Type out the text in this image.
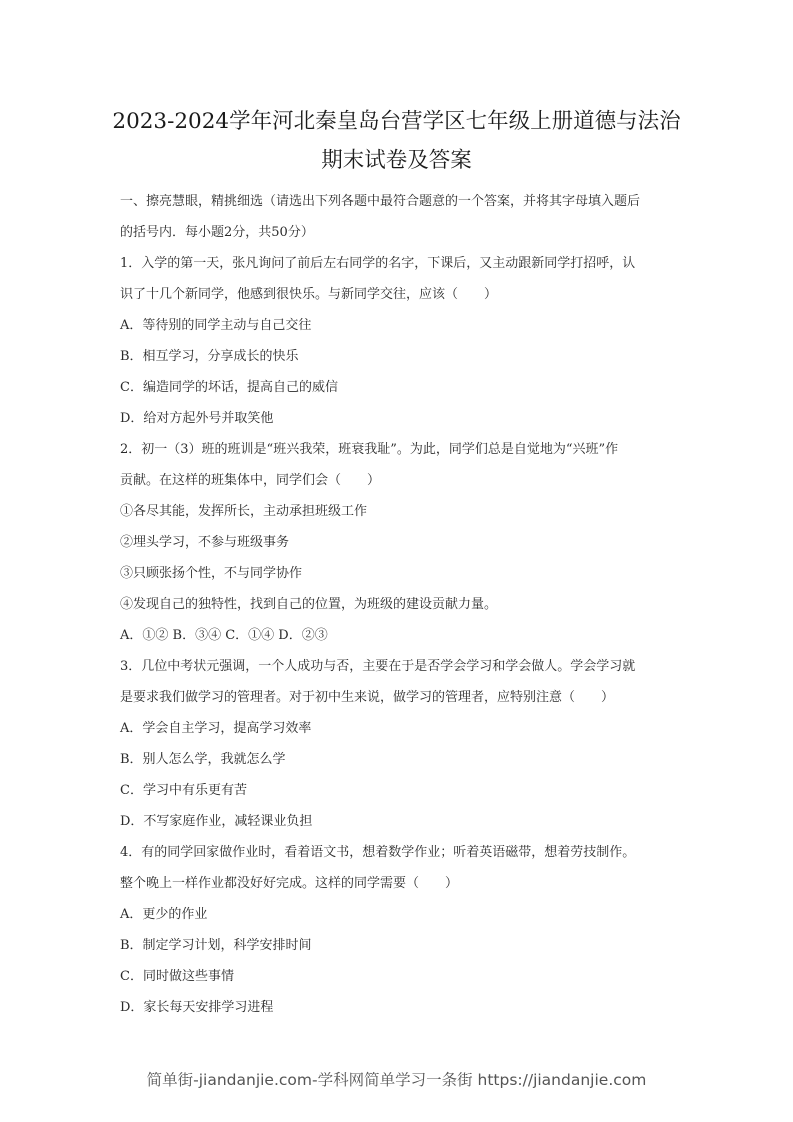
2023-2024学年河北秦皇岛台营学区七年级上册道德与法治
期末试卷及答案
一、擦亮慧眼，精挑细选（请选出下列各题中最符合题意的一个答案，并将其字母填入题后
的括号内．每小题2分，共50分）
1．入学的第一天，张凡询问了前后左右同学的名字，下课后，又主动跟新同学打招呼，认
识了十几个新同学，他感到很快乐。与新同学交往，应该（　　）
A．等待别的同学主动与自己交往
B．相互学习，分享成长的快乐
C．编造同学的坏话，提高自己的威信
D．给对方起外号并取笑他
2．初一（3）班的班训是“班兴我荣，班衰我耻”。为此，同学们总是自觉地为“兴班”作
贡献。在这样的班集体中，同学们会（　　）
①各尽其能，发挥所长，主动承担班级工作
②埋头学习，不参与班级事务
③只顾张扬个性，不与同学协作
④发现自己的独特性，找到自己的位置，为班级的建设贡献力量。
A．①② B．③④ C．①④ D．②③
3．几位中考状元强调，一个人成功与否，主要在于是否学会学习和学会做人。学会学习就
是要求我们做学习的管理者。对于初中生来说，做学习的管理者，应特别注意（　　）
A．学会自主学习，提高学习效率
B．别人怎么学，我就怎么学
C．学习中有乐更有苦
D．不写家庭作业，减轻课业负担
4．有的同学回家做作业时，看着语文书，想着数学作业；听着英语磁带，想着劳技制作。
整个晚上一样作业都没好好完成。这样的同学需要（　　）
A．更少的作业
B．制定学习计划，科学安排时间
C．同时做这些事情
D．家长每天安排学习进程
简单街-jiandanjie.com-学科网简单学习一条街 https://jiandanjie.com
